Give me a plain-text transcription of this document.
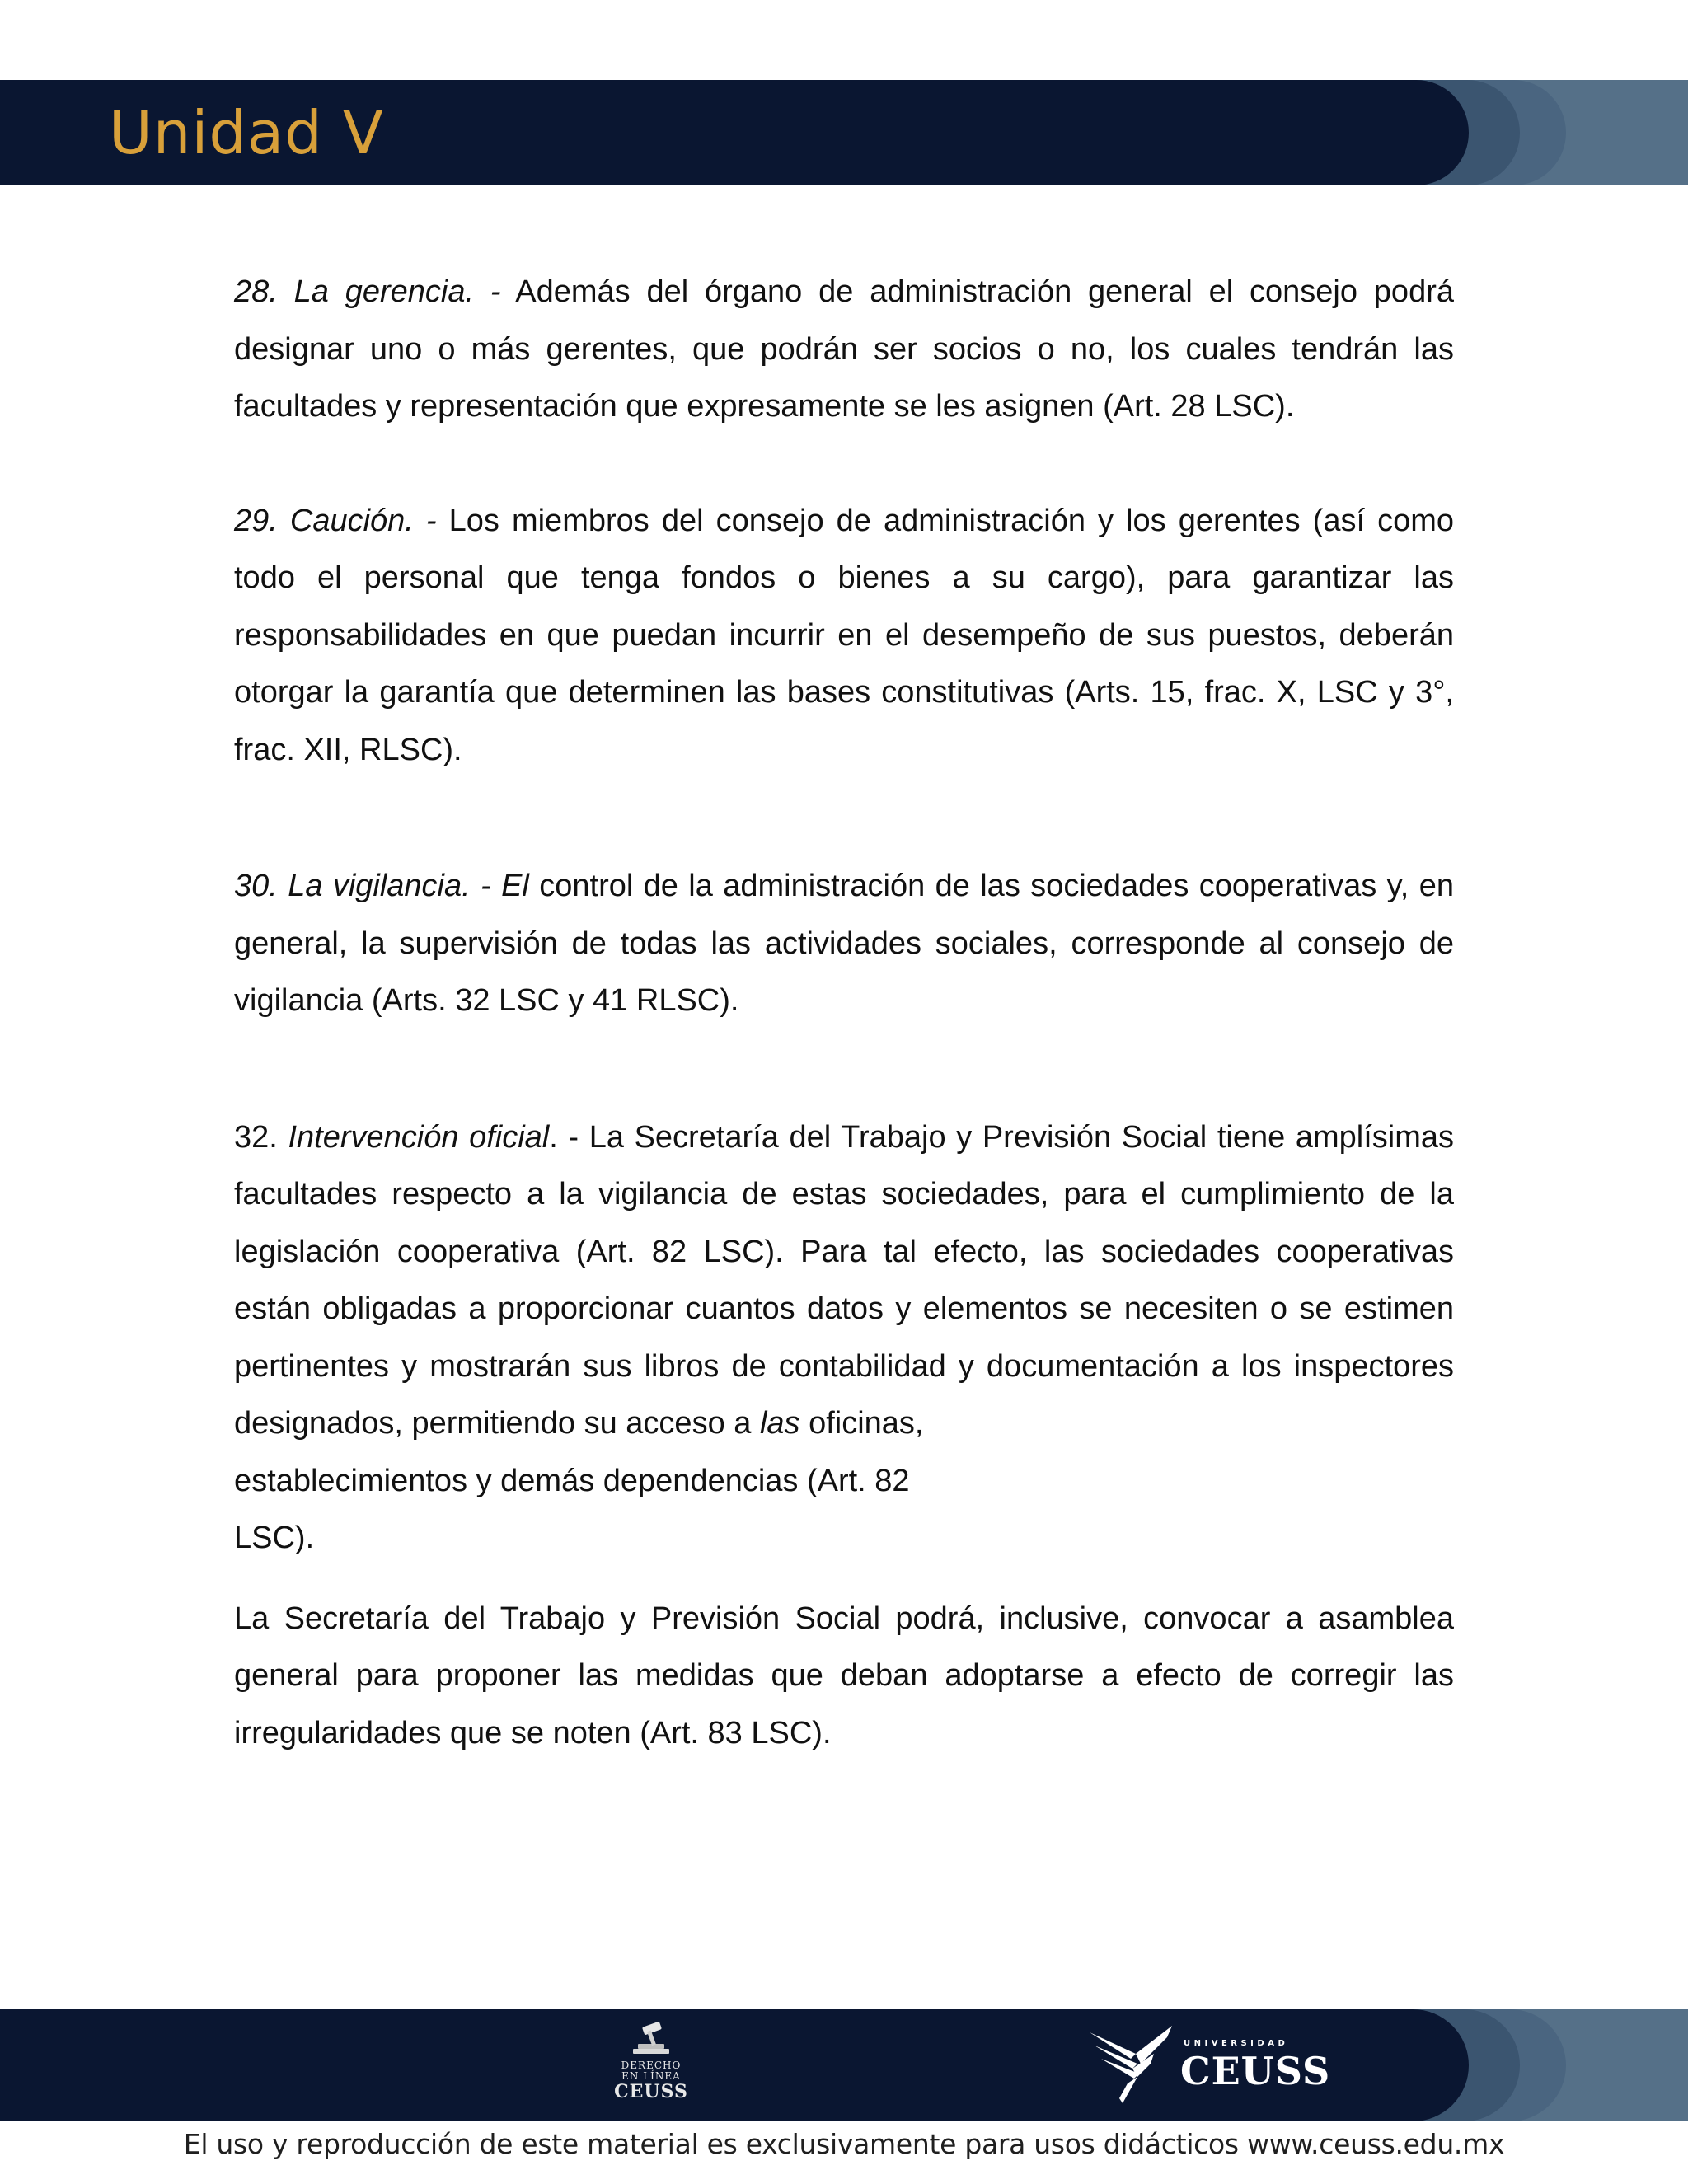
Unidad V

28. La gerencia. - Además del órgano de administración general el consejo podrá designar uno o más gerentes, que podrán ser socios o no, los cuales tendrán las facultades y representación que expresamente se les asignen (Art. 28 LSC).

29. Caución. - Los miembros del consejo de administración y los gerentes (así como todo el personal que tenga fondos o bienes a su cargo), para garantizar las responsabilidades en que puedan incurrir en el desempeño de sus puestos, deberán otorgar la garantía que determinen las bases constitutivas (Arts. 15, frac. X, LSC y 3°, frac. XII, RLSC).

30. La vigilancia. - El control de la administración de las sociedades cooperativas y, en general, la supervisión de todas las actividades sociales, corresponde al consejo de vigilancia (Arts. 32 LSC y 41 RLSC).

32. Intervención oficial. - La Secretaría del Trabajo y Previsión Social tiene amplísimas facultades respecto a la vigilancia de estas sociedades, para el cumplimiento de la legislación cooperativa (Art. 82 LSC). Para tal efecto, las sociedades cooperativas están obligadas a proporcionar cuantos datos y elementos se necesiten o se estimen pertinentes y mostrarán sus libros de contabilidad y documentación a los inspectores designados, permitiendo su acceso a las oficinas,

establecimientos y demás dependencias (Art. 82
LSC).

La Secretaría del Trabajo y Previsión Social podrá, inclusive, convocar a asamblea general para proponer las medidas que deban adoptarse a efecto de corregir las irregularidades que se noten (Art. 83 LSC).

DERECHO
EN LÍNEA
CEUSS
UNIVERSIDAD
CEUSS
El uso y reproducción de este material es exclusivamente para usos didácticos www.ceuss.edu.mx
